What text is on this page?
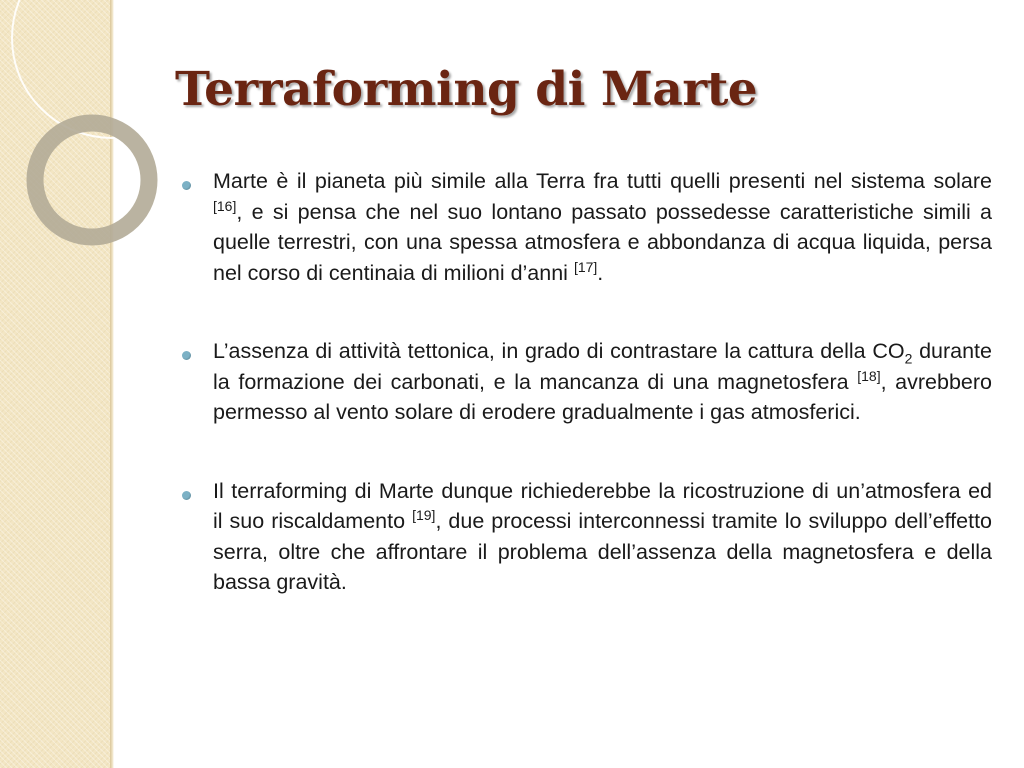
Terraforming di Marte
Marte è il pianeta più simile alla Terra fra tutti quelli presenti nel sistema solare [16], e si pensa che nel suo lontano passato possedesse caratteristiche simili a quelle terrestri, con una spessa atmosfera e abbondanza di acqua liquida, persa nel corso di centinaia di milioni d’anni [17].
L’assenza di attività tettonica, in grado di contrastare la cattura della $CO_2$ durante la formazione dei carbonati, e la mancanza di una magnetosfera [18], avrebbero permesso al vento solare di erodere gradualmente i gas atmosferici.
Il terraforming di Marte dunque richiederebbe la ricostruzione di un’atmosfera ed il suo riscaldamento [19], due processi interconnessi tramite lo sviluppo dell’effetto serra, oltre che affrontare il problema dell’assenza della magnetosfera e della bassa gravità.
